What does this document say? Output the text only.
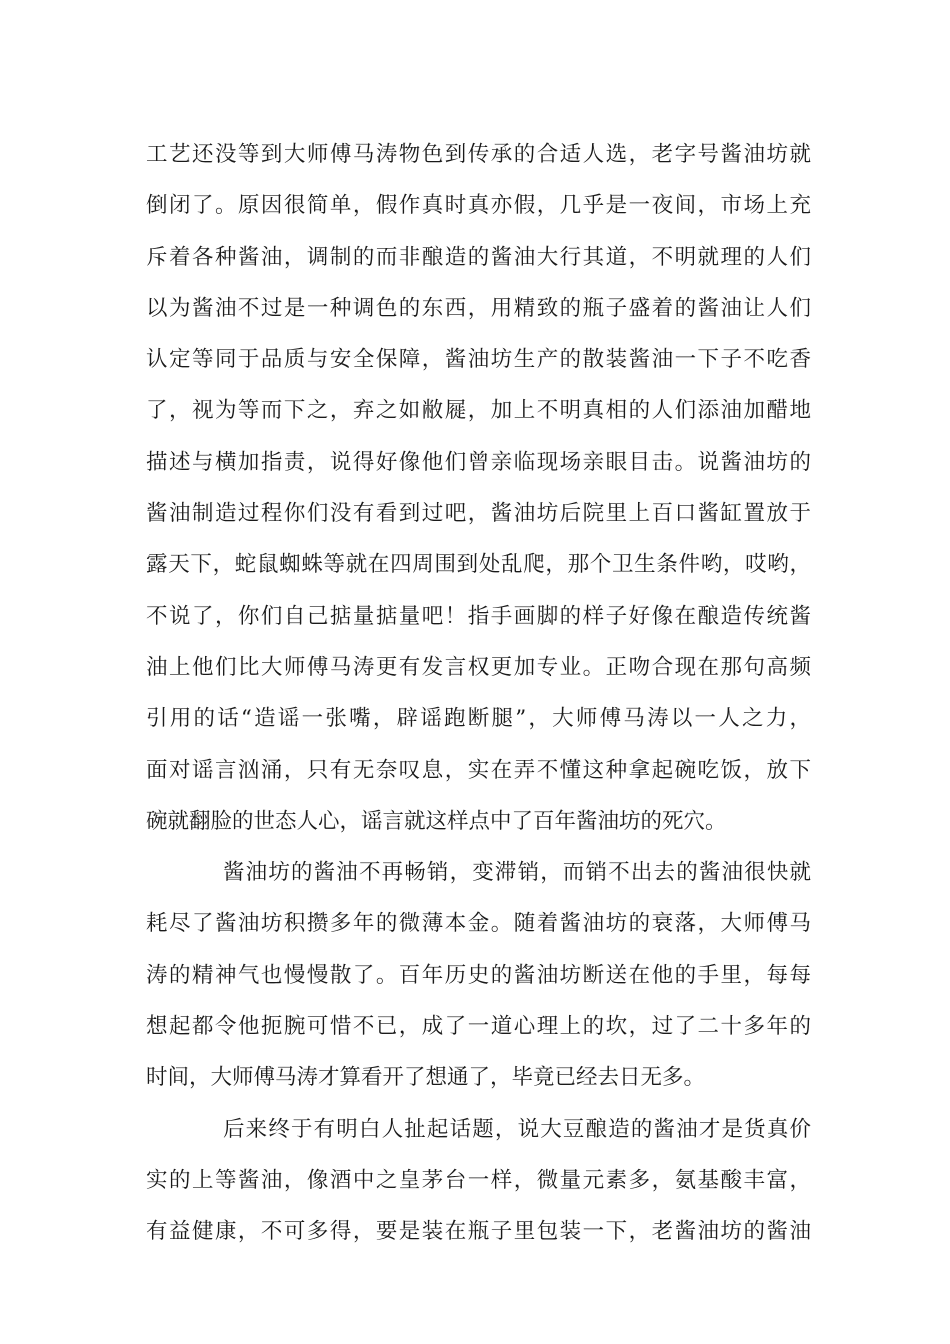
工艺还没等到大师傅马涛物色到传承的合适人选，老字号酱油坊就
倒闭了。原因很简单，假作真时真亦假，几乎是一夜间，市场上充
斥着各种酱油，调制的而非酿造的酱油大行其道，不明就理的人们
以为酱油不过是一种调色的东西，用精致的瓶子盛着的酱油让人们
认定等同于品质与安全保障，酱油坊生产的散装酱油一下子不吃香
了，视为等而下之，弃之如敝屣，加上不明真相的人们添油加醋地
描述与横加指责，说得好像他们曾亲临现场亲眼目击。说酱油坊的
酱油制造过程你们没有看到过吧，酱油坊后院里上百口酱缸置放于
露天下，蛇鼠蜘蛛等就在四周围到处乱爬，那个卫生条件哟，哎哟，
不说了，你们自己掂量掂量吧！指手画脚的样子好像在酿造传统酱
油上他们比大师傅马涛更有发言权更加专业。正吻合现在那句高频
引用的话“造谣一张嘴，辟谣跑断腿”，大师傅马涛以一人之力，
面对谣言汹涌，只有无奈叹息，实在弄不懂这种拿起碗吃饭，放下
碗就翻脸的世态人心，谣言就这样点中了百年酱油坊的死穴。
酱油坊的酱油不再畅销，变滞销，而销不出去的酱油很快就
耗尽了酱油坊积攒多年的微薄本金。随着酱油坊的衰落，大师傅马
涛的精神气也慢慢散了。百年历史的酱油坊断送在他的手里，每每
想起都令他扼腕可惜不已，成了一道心理上的坎，过了二十多年的
时间，大师傅马涛才算看开了想通了，毕竟已经去日无多。
后来终于有明白人扯起话题，说大豆酿造的酱油才是货真价
实的上等酱油，像酒中之皇茅台一样，微量元素多，氨基酸丰富，
有益健康，不可多得，要是装在瓶子里包装一下，老酱油坊的酱油
